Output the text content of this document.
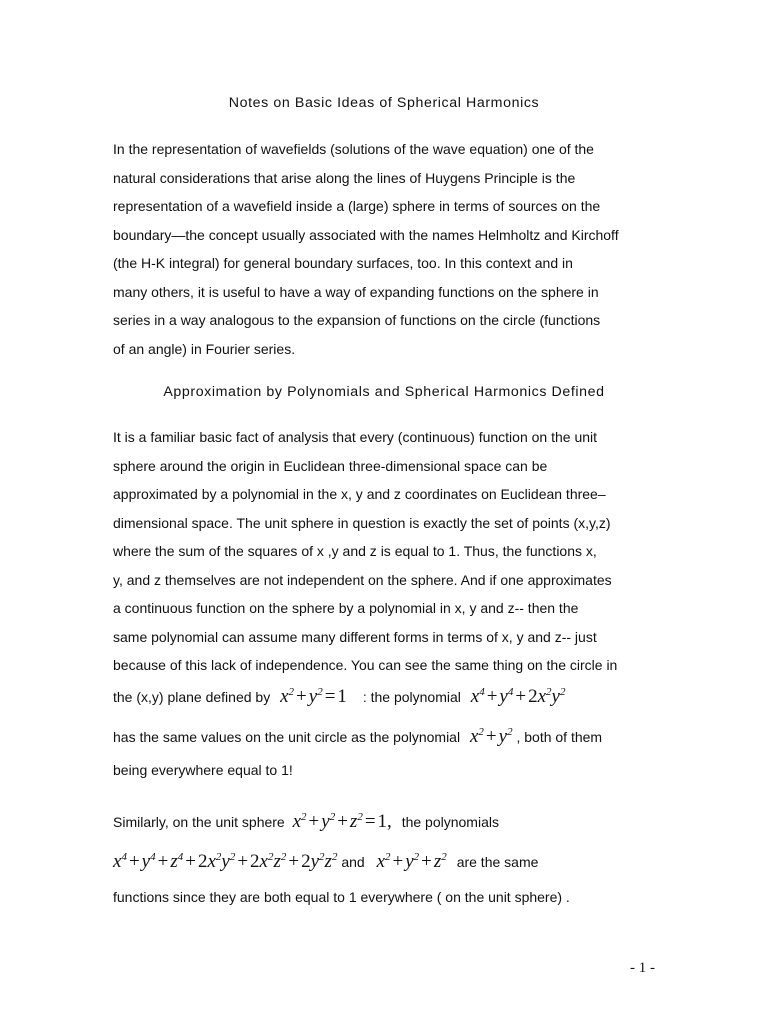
Notes on Basic Ideas of Spherical Harmonics
In the representation of wavefields (solutions of the wave equation) one of the
natural considerations that arise along the lines of Huygens Principle is the
representation of a wavefield inside a (large) sphere in terms of sources on the
boundary—the concept usually associated with the names Helmholtz and Kirchoff
(the H-K integral) for general boundary surfaces, too. In this context and in
many others, it is useful to have a way of expanding functions on the sphere in
series in a way analogous to the expansion of functions on the circle (functions
of an angle) in Fourier series.
Approximation by Polynomials and Spherical Harmonics Defined
It is a familiar basic fact of analysis that every (continuous) function on the unit
sphere around the origin in Euclidean three-dimensional space can be
approximated by a polynomial in the x, y and z coordinates on Euclidean three–
dimensional space. The unit sphere in question is exactly the set of points (x,y,z)
where the sum of the squares of x ,y and z is equal to 1. Thus, the functions x,
y, and z themselves are not independent on the sphere. And if one approximates
a continuous function on the sphere by a polynomial in x, y and z-- then the
same polynomial can assume many different forms in terms of x, y and z-- just
because of this lack of independence. You can see the same thing on the circle in
the (x,y) plane defined by $x^2 + y^2 = 1$ : the polynomial $x^4 + y^4 + 2x^2y^2$
has the same values on the unit circle as the polynomial $x^2 + y^2$ , both of them
being everywhere equal to 1!
Similarly, on the unit sphere $x^2 + y^2 + z^2 = 1$, the polynomials
$x^4 + y^4 + z^4 + 2x^2y^2 + 2x^2z^2 + 2y^2z^2$ and $x^2 + y^2 + z^2$ are the same
functions since they are both equal to 1 everywhere ( on the unit sphere) .
- 1 -
